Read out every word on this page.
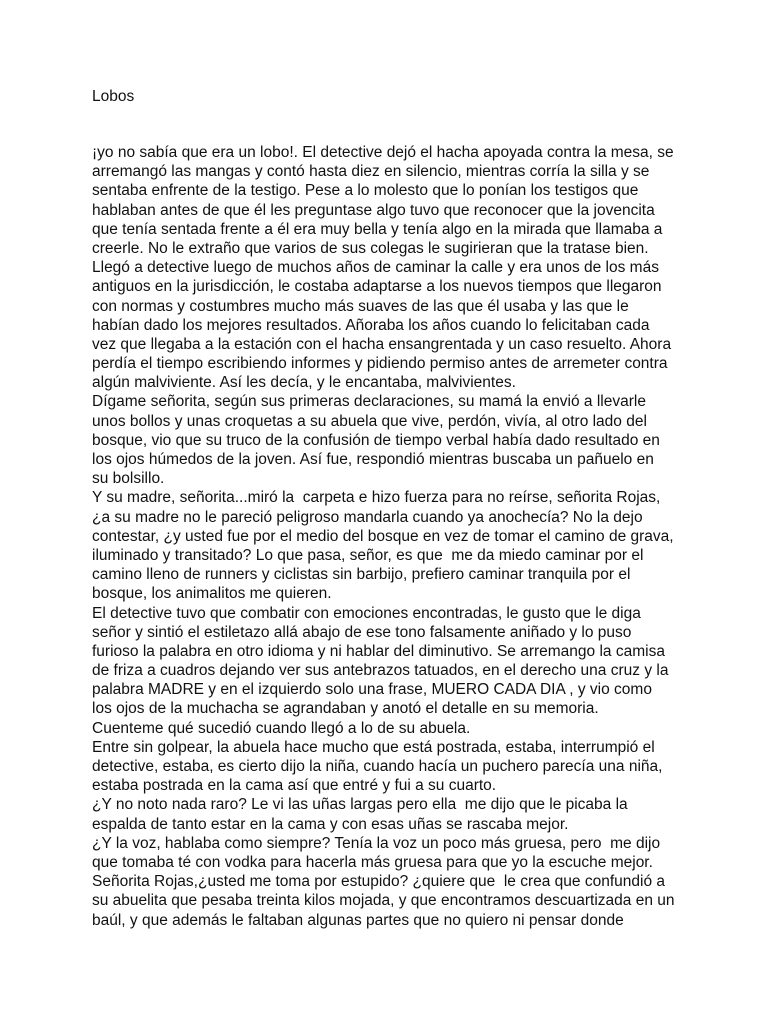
Lobos
¡yo no sabía que era un lobo!. El detective dejó el hacha apoyada contra la mesa, se
arremangó las mangas y contó hasta diez en silencio, mientras corría la silla y se
sentaba enfrente de la testigo. Pese a lo molesto que lo ponían los testigos que
hablaban antes de que él les preguntase algo tuvo que reconocer que la jovencita
que tenía sentada frente a él era muy bella y tenía algo en la mirada que llamaba a
creerle. No le extraño que varios de sus colegas le sugirieran que la tratase bien.
Llegó a detective luego de muchos años de caminar la calle y era unos de los más
antiguos en la jurisdicción, le costaba adaptarse a los nuevos tiempos que llegaron
con normas y costumbres mucho más suaves de las que él usaba y las que le
habían dado los mejores resultados. Añoraba los años cuando lo felicitaban cada
vez que llegaba a la estación con el hacha ensangrentada y un caso resuelto. Ahora
perdía el tiempo escribiendo informes y pidiendo permiso antes de arremeter contra
algún malviviente. Así les decía, y le encantaba, malvivientes.
Dígame señorita, según sus primeras declaraciones, su mamá la envió a llevarle
unos bollos y unas croquetas a su abuela que vive, perdón, vivía, al otro lado del
bosque, vio que su truco de la confusión de tiempo verbal había dado resultado en
los ojos húmedos de la joven. Así fue, respondió mientras buscaba un pañuelo en
su bolsillo.
Y su madre, señorita...miró la  carpeta e hizo fuerza para no reírse, señorita Rojas,
¿a su madre no le pareció peligroso mandarla cuando ya anochecía? No la dejo
contestar, ¿y usted fue por el medio del bosque en vez de tomar el camino de grava,
iluminado y transitado? Lo que pasa, señor, es que  me da miedo caminar por el
camino lleno de runners y ciclistas sin barbijo, prefiero caminar tranquila por el
bosque, los animalitos me quieren.
El detective tuvo que combatir con emociones encontradas, le gusto que le diga
señor y sintió el estiletazo allá abajo de ese tono falsamente aniñado y lo puso
furioso la palabra en otro idioma y ni hablar del diminutivo. Se arremango la camisa
de friza a cuadros dejando ver sus antebrazos tatuados, en el derecho una cruz y la
palabra MADRE y en el izquierdo solo una frase, MUERO CADA DIA , y vio como
los ojos de la muchacha se agrandaban y anotó el detalle en su memoria.
Cuenteme qué sucedió cuando llegó a lo de su abuela.
Entre sin golpear, la abuela hace mucho que está postrada, estaba, interrumpió el
detective, estaba, es cierto dijo la niña, cuando hacía un puchero parecía una niña,
estaba postrada en la cama así que entré y fui a su cuarto.
¿Y no noto nada raro? Le vi las uñas largas pero ella  me dijo que le picaba la
espalda de tanto estar en la cama y con esas uñas se rascaba mejor.
¿Y la voz, hablaba como siempre? Tenía la voz un poco más gruesa, pero  me dijo
que tomaba té con vodka para hacerla más gruesa para que yo la escuche mejor.
Señorita Rojas,¿usted me toma por estupido? ¿quiere que  le crea que confundió a
su abuelita que pesaba treinta kilos mojada, y que encontramos descuartizada en un
baúl, y que además le faltaban algunas partes que no quiero ni pensar donde
